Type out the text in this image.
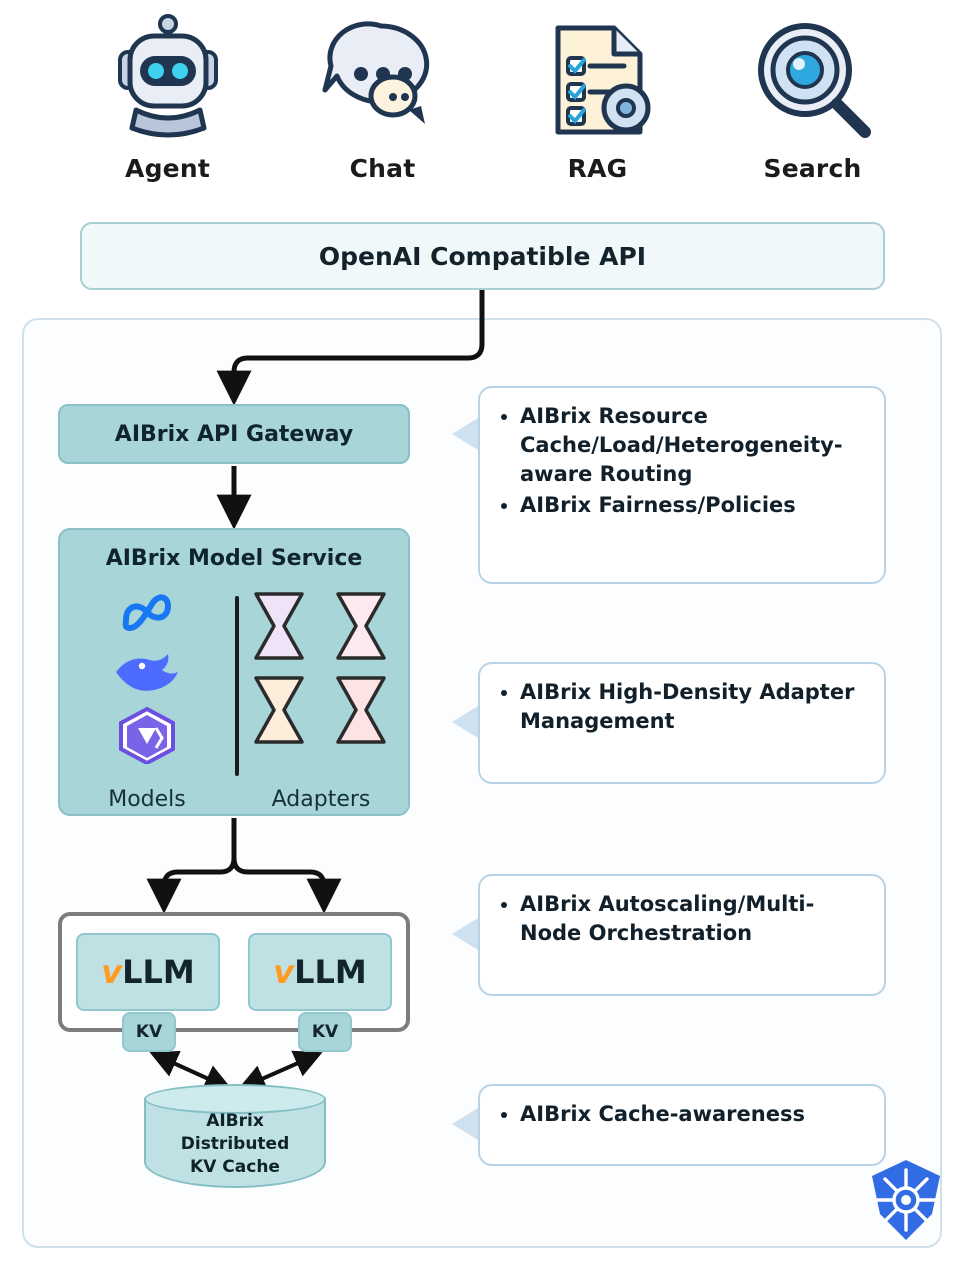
Agent	Chat	RAG	Search
OpenAI Compatible API
AIBrix API Gateway
AIBrix Model Service
Models	Adapters
v LLM v LLM
KV	KV
AIBrix
Distributed
KV Cache
• AIBrix Resource Cache/Load/Heterogeneity-aware Routing
• AIBrix Fairness/Policies
• AIBrix High-Density Adapter Management
• AIBrix Autoscaling/Multi-Node Orchestration
• AIBrix Cache-awareness
